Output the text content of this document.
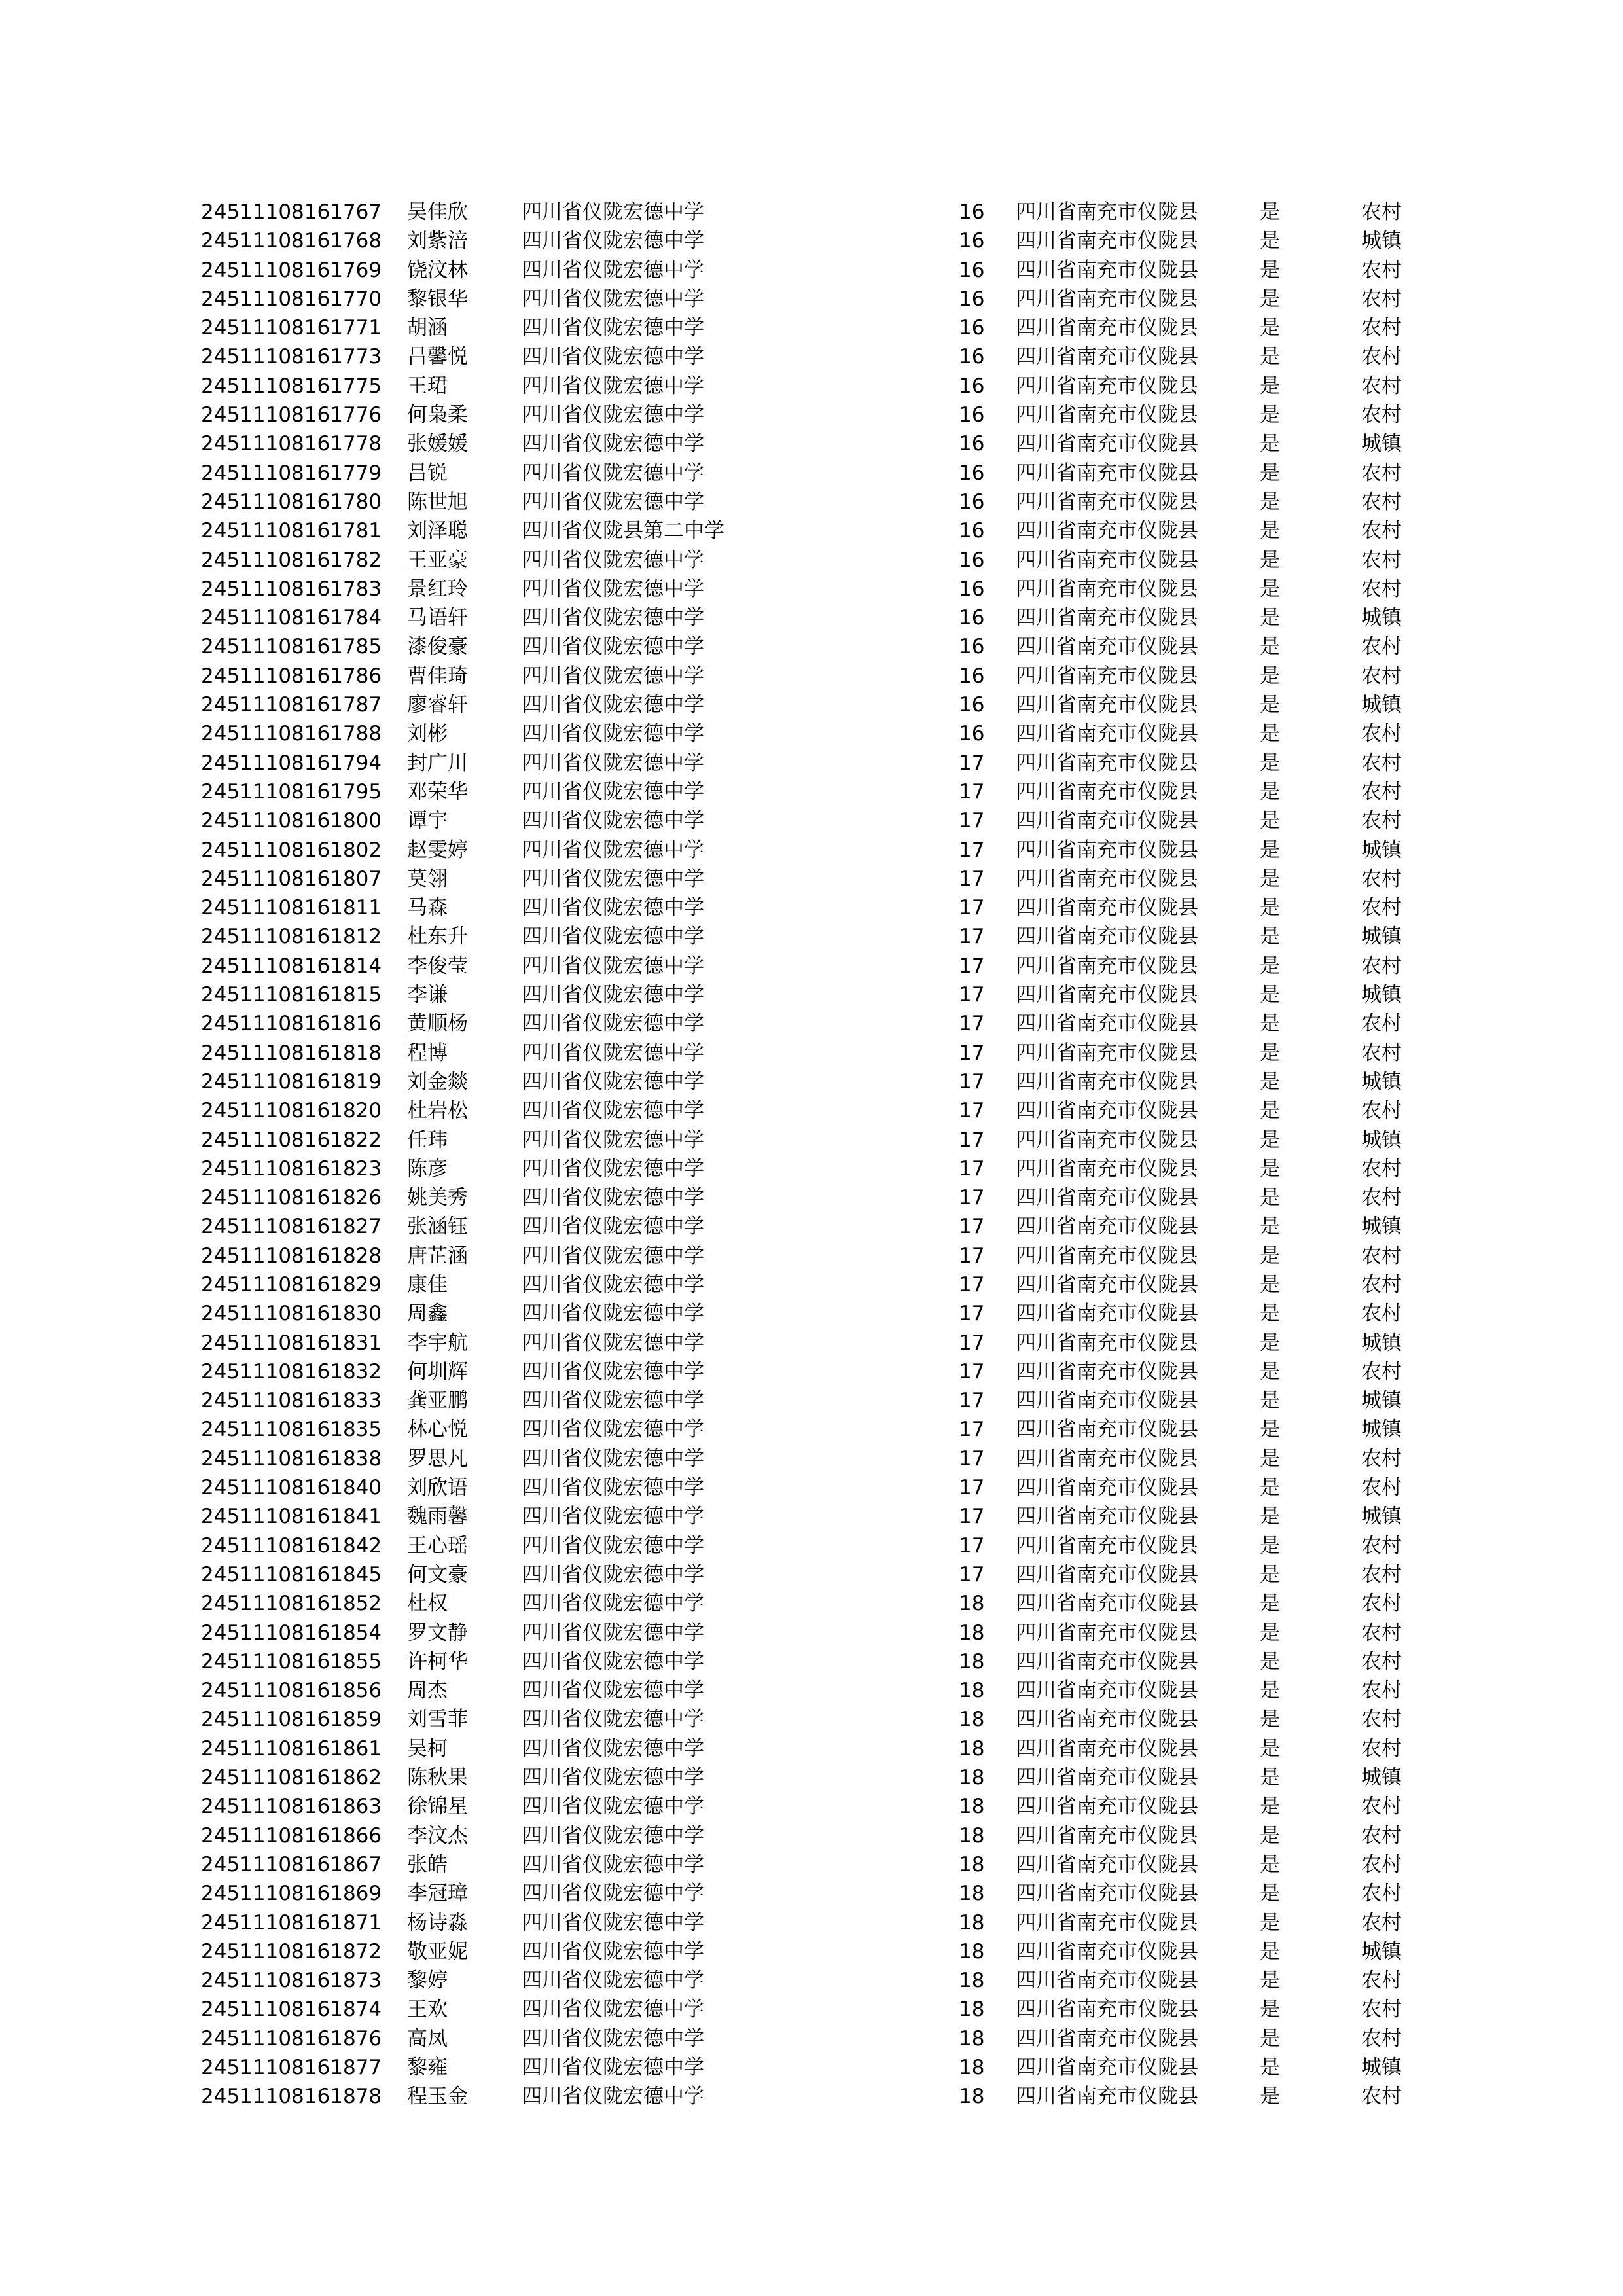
24511108161767 吴佳欣	四川省仪陇宏德中学	16 四川省南充市仪陇县	是	农村
24511108161768 刘紫涪	四川省仪陇宏德中学	16 四川省南充市仪陇县	是	城镇
24511108161769 饶汶林	四川省仪陇宏德中学	16 四川省南充市仪陇县	是	农村
24511108161770 黎银华	四川省仪陇宏德中学	16 四川省南充市仪陇县	是	农村
24511108161771 胡涵	四川省仪陇宏德中学	16 四川省南充市仪陇县	是	农村
24511108161773 吕馨悦	四川省仪陇宏德中学	16 四川省南充市仪陇县	是	农村
24511108161775 王珺	四川省仪陇宏德中学	16 四川省南充市仪陇县	是	农村
24511108161776 何枭柔	四川省仪陇宏德中学	16 四川省南充市仪陇县	是	农村
24511108161778 张媛媛	四川省仪陇宏德中学	16 四川省南充市仪陇县	是	城镇
24511108161779 吕锐	四川省仪陇宏德中学	16 四川省南充市仪陇县	是	农村
24511108161780 陈世旭	四川省仪陇宏德中学	16 四川省南充市仪陇县	是	农村
24511108161781 刘泽聪	四川省仪陇县第二中学	16 四川省南充市仪陇县	是	农村
24511108161782 王亚豪	四川省仪陇宏德中学	16 四川省南充市仪陇县	是	农村
24511108161783 景红玲	四川省仪陇宏德中学	16 四川省南充市仪陇县	是	农村
24511108161784 马语轩	四川省仪陇宏德中学	16 四川省南充市仪陇县	是	城镇
24511108161785 漆俊豪	四川省仪陇宏德中学	16 四川省南充市仪陇县	是	农村
24511108161786 曹佳琦	四川省仪陇宏德中学	16 四川省南充市仪陇县	是	农村
24511108161787 廖睿轩	四川省仪陇宏德中学	16 四川省南充市仪陇县	是	城镇
24511108161788 刘彬	四川省仪陇宏德中学	16 四川省南充市仪陇县	是	农村
24511108161794 封广川	四川省仪陇宏德中学	17 四川省南充市仪陇县	是	农村
24511108161795 邓荣华	四川省仪陇宏德中学	17 四川省南充市仪陇县	是	农村
24511108161800 谭宇	四川省仪陇宏德中学	17 四川省南充市仪陇县	是	农村
24511108161802 赵雯婷	四川省仪陇宏德中学	17 四川省南充市仪陇县	是	城镇
24511108161807 莫翎	四川省仪陇宏德中学	17 四川省南充市仪陇县	是	农村
24511108161811 马森	四川省仪陇宏德中学	17 四川省南充市仪陇县	是	农村
24511108161812 杜东升	四川省仪陇宏德中学	17 四川省南充市仪陇县	是	城镇
24511108161814 李俊莹	四川省仪陇宏德中学	17 四川省南充市仪陇县	是	农村
24511108161815 李谦	四川省仪陇宏德中学	17 四川省南充市仪陇县	是	城镇
24511108161816 黄顺杨	四川省仪陇宏德中学	17 四川省南充市仪陇县	是	农村
24511108161818 程博	四川省仪陇宏德中学	17 四川省南充市仪陇县	是	农村
24511108161819 刘金燚	四川省仪陇宏德中学	17 四川省南充市仪陇县	是	城镇
24511108161820 杜岩松	四川省仪陇宏德中学	17 四川省南充市仪陇县	是	农村
24511108161822 任玮	四川省仪陇宏德中学	17 四川省南充市仪陇县	是	城镇
24511108161823 陈彦	四川省仪陇宏德中学	17 四川省南充市仪陇县	是	农村
24511108161826 姚美秀	四川省仪陇宏德中学	17 四川省南充市仪陇县	是	农村
24511108161827 张涵钰	四川省仪陇宏德中学	17 四川省南充市仪陇县	是	城镇
24511108161828 唐芷涵	四川省仪陇宏德中学	17 四川省南充市仪陇县	是	农村
24511108161829 康佳	四川省仪陇宏德中学	17 四川省南充市仪陇县	是	农村
24511108161830 周鑫	四川省仪陇宏德中学	17 四川省南充市仪陇县	是	农村
24511108161831 李宇航	四川省仪陇宏德中学	17 四川省南充市仪陇县	是	城镇
24511108161832 何圳辉	四川省仪陇宏德中学	17 四川省南充市仪陇县	是	农村
24511108161833 龚亚鹏	四川省仪陇宏德中学	17 四川省南充市仪陇县	是	城镇
24511108161835 林心悦	四川省仪陇宏德中学	17 四川省南充市仪陇县	是	城镇
24511108161838 罗思凡	四川省仪陇宏德中学	17 四川省南充市仪陇县	是	农村
24511108161840 刘欣语	四川省仪陇宏德中学	17 四川省南充市仪陇县	是	农村
24511108161841 魏雨馨	四川省仪陇宏德中学	17 四川省南充市仪陇县	是	城镇
24511108161842 王心瑶	四川省仪陇宏德中学	17 四川省南充市仪陇县	是	农村
24511108161845 何文豪	四川省仪陇宏德中学	17 四川省南充市仪陇县	是	农村
24511108161852 杜权	四川省仪陇宏德中学	18 四川省南充市仪陇县	是	农村
24511108161854 罗文静	四川省仪陇宏德中学	18 四川省南充市仪陇县	是	农村
24511108161855 许柯华	四川省仪陇宏德中学	18 四川省南充市仪陇县	是	农村
24511108161856 周杰	四川省仪陇宏德中学	18 四川省南充市仪陇县	是	农村
24511108161859 刘雪菲	四川省仪陇宏德中学	18 四川省南充市仪陇县	是	农村
24511108161861 吴柯	四川省仪陇宏德中学	18 四川省南充市仪陇县	是	农村
24511108161862 陈秋果	四川省仪陇宏德中学	18 四川省南充市仪陇县	是	城镇
24511108161863 徐锦星	四川省仪陇宏德中学	18 四川省南充市仪陇县	是	农村
24511108161866 李汶杰	四川省仪陇宏德中学	18 四川省南充市仪陇县	是	农村
24511108161867 张皓	四川省仪陇宏德中学	18 四川省南充市仪陇县	是	农村
24511108161869 李冠璋	四川省仪陇宏德中学	18 四川省南充市仪陇县	是	农村
24511108161871 杨诗淼	四川省仪陇宏德中学	18 四川省南充市仪陇县	是	农村
24511108161872 敬亚妮	四川省仪陇宏德中学	18 四川省南充市仪陇县	是	城镇
24511108161873 黎婷	四川省仪陇宏德中学	18 四川省南充市仪陇县	是	农村
24511108161874 王欢	四川省仪陇宏德中学	18 四川省南充市仪陇县	是	农村
24511108161876 高凤	四川省仪陇宏德中学	18 四川省南充市仪陇县	是	农村
24511108161877 黎雍	四川省仪陇宏德中学	18 四川省南充市仪陇县	是	城镇
24511108161878 程玉金	四川省仪陇宏德中学	18 四川省南充市仪陇县	是	农村
